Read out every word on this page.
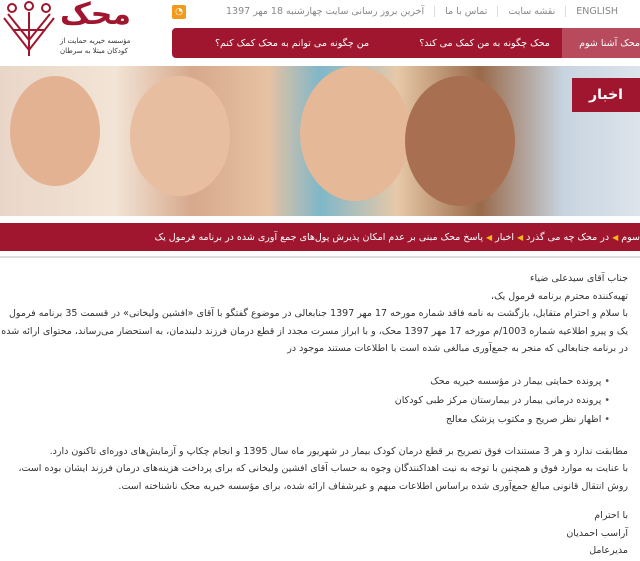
محک
مؤسسه خیریه حمایت از
کودکان مبتلا به سرطان
◔	آخرین بروز رسانی سایت چهارشنبه 18 مهر 1397	تماس با ما	نقشه سایت	ENGLISH
محک آشنا شوم
محک چگونه به من کمک می کند؟
من چگونه می توانم به محک کمک کنم؟
اخبار
سوم
◀
در محک چه می گذرد
◀
اخبار
◀
پاسخ محک مبنی بر عدم امکان پذیرش پول‌های جمع آوری شده در برنامه فرمول یک
جناب آقای سیدعلی ضیاء
تهیه‌کننده محترم برنامه فرمول یک،
با سلام و احترام متقابل، بازگشت به نامه فاقد شماره مورخه 17 مهر 1397 جنابعالی در موضوع گفتگو با آقای «افشین ولیخانی» در قسمت 35 برنامه فرمول
یک و پیرو اطلاعیه شماره 1003/م مورخه 17 مهر 1397 محک، و با ابراز مسرت مجدد از قطع درمان فرزند دلبندمان، به استحضار می‌رساند، محتوای ارائه شده
در برنامه جنابعالی که منجر به جمع‌آوری مبالغی شده است با اطلاعات مستند موجود در
• پرونده حمایتی بیمار در مؤسسه خیریه محک
• پرونده درمانی بیمار در بیمارستان مرکز طبی کودکان
• اظهار نظر صریح و مکتوب پزشک معالج
مطابقت ندارد و هر 3 مستندات فوق تصریح بر قطع درمان کودک بیمار در شهریور ماه سال 1395 و انجام چکاپ و آزمایش‌های دوره‌ای تاکنون دارد.
با عنایت به موارد فوق و همچنین با توجه به نیت اهداکنندگان وجوه به حساب آقای افشین ولیخانی که برای پرداخت هزینه‌های درمان فرزند ایشان بوده است،
روش انتقال قانونی مبالغ جمع‌آوری شده براساس اطلاعات مبهم و غیرشفاف ارائه شده، برای مؤسسه خیریه محک ناشناخته است.
با احترام
آراسب احمدیان
مدیرعامل
